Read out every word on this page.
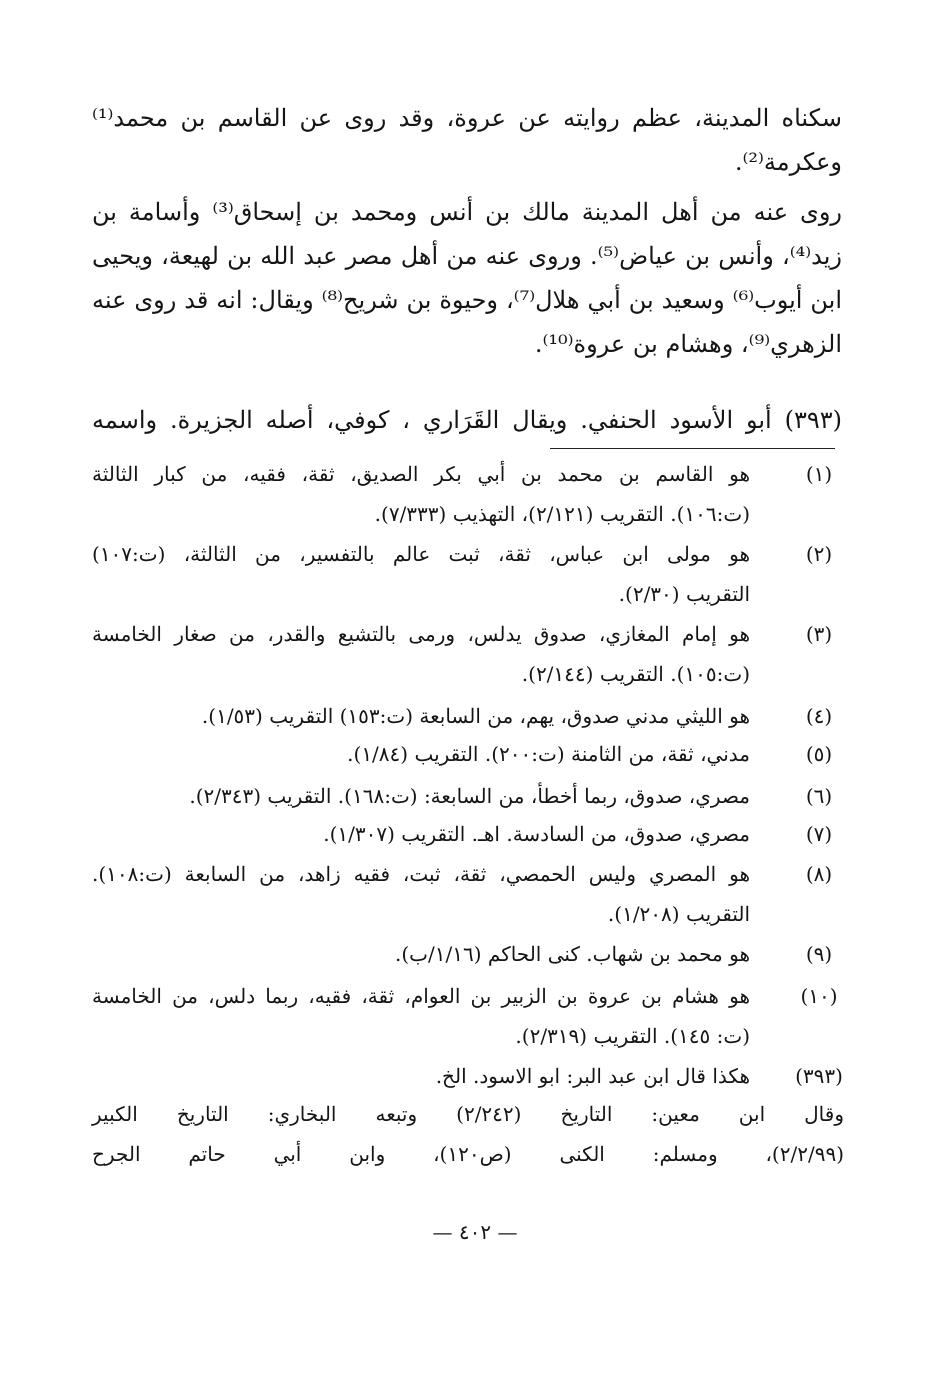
سكناه المدينة، عظم روايته عن عروة، وقد روى عن القاسم بن محمد⁽¹⁾

وعكرمة⁽²⁾.

روى عنه من أهل المدينة مالك بن أنس ومحمد بن إسحاق⁽³⁾ وأسامة بن

زيد⁽⁴⁾، وأنس بن عياض⁽⁵⁾. وروى عنه من أهل مصر عبد الله بن لهيعة، ويحيى

ابن أيوب⁽⁶⁾ وسعيد بن أبي هلال⁽⁷⁾، وحيوة بن شريح⁽⁸⁾ ويقال: انه قد روى عنه

الزهري⁽⁹⁾، وهشام بن عروة⁽¹⁰⁾.

(٣٩٣) أبو الأسود الحنفي. ويقال القَرَاري ، كوفي، أصله الجزيرة. واسمه

(١)

هو القاسم بن محمد بن أبي بكر الصديق، ثقة، فقيه، من كبار الثالثة

(ت:١٠٦). التقريب (٢/١٢١)، التهذيب (٧/٣٣٣).

(٢)

هو مولى ابن عباس، ثقة، ثبت عالم بالتفسير، من الثالثة، (ت:١٠٧)

التقريب (٢/٣٠).

(٣)

هو إمام المغازي، صدوق يدلس، ورمى بالتشيع والقدر، من صغار الخامسة

(ت:١٠٥). التقريب (٢/١٤٤).

(٤)

هو الليثي مدني صدوق، يهم، من السابعة (ت:١٥٣) التقريب (١/٥٣).

(٥)

مدني، ثقة، من الثامنة (ت:٢٠٠). التقريب (١/٨٤).

(٦)

مصري، صدوق، ربما أخطأ، من السابعة: (ت:١٦٨). التقريب (٢/٣٤٣).

(٧)

مصري، صدوق، من السادسة. اهـ. التقريب (١/٣٠٧).

(٨)

هو المصري وليس الحمصي، ثقة، ثبت، فقيه زاهد، من السابعة (ت:١٠٨).

التقريب (١/٢٠٨).

(٩)

هو محمد بن شهاب. كنى الحاكم (١/١٦/ب).

(١٠)

هو هشام بن عروة بن الزبير بن العوام، ثقة، فقيه، ربما دلس، من الخامسة

(ت: ١٤٥). التقريب (٢/٣١٩).

(٣٩٣)

هكذا قال ابن عبد البر: ابو الاسود. الخ.

وقال ابن معين: التاريخ (٢/٢٤٢) وتبعه البخاري: التاريخ الكبير

(٢/٢/٩٩)، ومسلم: الكنى (ص١٢٠)، وابن أبي حاتم الجرح

— ٤٠٢ —
